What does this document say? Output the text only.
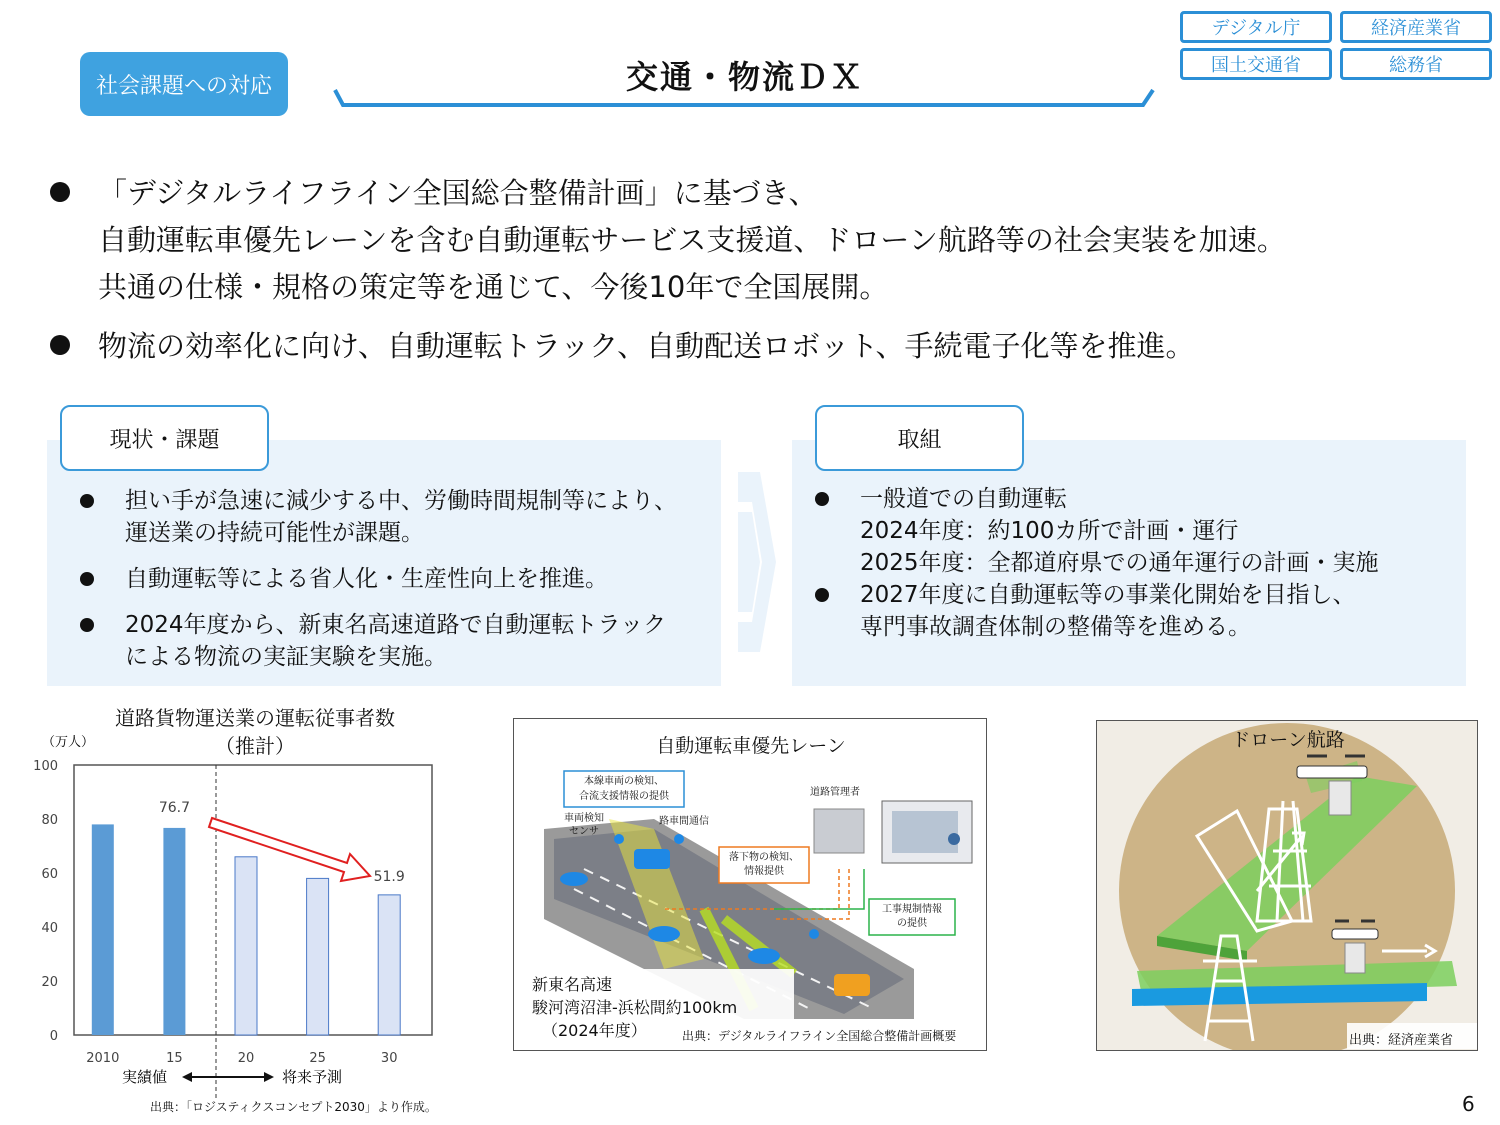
社会課題への対応	交通・物流ＤＸ
デジタル庁	経済産業省
国土交通省	総務省
「デジタルライフライン全国総合整備計画」に基づき、
自動運転車優先レーンを含む自動運転サービス支援道、ドローン航路等の社会実装を加速。
共通の仕様・規格の策定等を通じて、今後10年で全国展開。
物流の効率化に向け、自動運転トラック、自動配送ロボット、手続電子化等を推進。
現状・課題
担い手が急速に減少する中、労働時間規制等により、
運送業の持続可能性が課題。
自動運転等による省人化・生産性向上を推進。
2024年度から、新東名高速道路で自動運転トラック
による物流の実証実験を実施。
取組
一般道での自動運転
2024年度：約100カ所で計画・運行
2025年度：全都道府県での通年運行の計画・実施
2027年度に自動運転等の事業化開始を目指し、
専門事故調査体制の整備等を進める。
道路貨物運送業の運転従事者数
（推計）
（万人）
0
20
40
60
80
100
76.7
51.9
2010	15	20	25	30
実績値	将来予測
出典：「ロジスティクスコンセプト2030」より作成。
自動運転車優先レーン
本線車両の検知、
合流支援情報の提供
車両検知
センサ
路車間通信
道路管理者
落下物の検知、
情報提供
工事規制情報
の提供
新東名高速
駿河湾沼津-浜松間約100km
（2024年度）	出典：デジタルライフライン全国総合整備計画概要
ドローン航路
出典：経済産業省
6
